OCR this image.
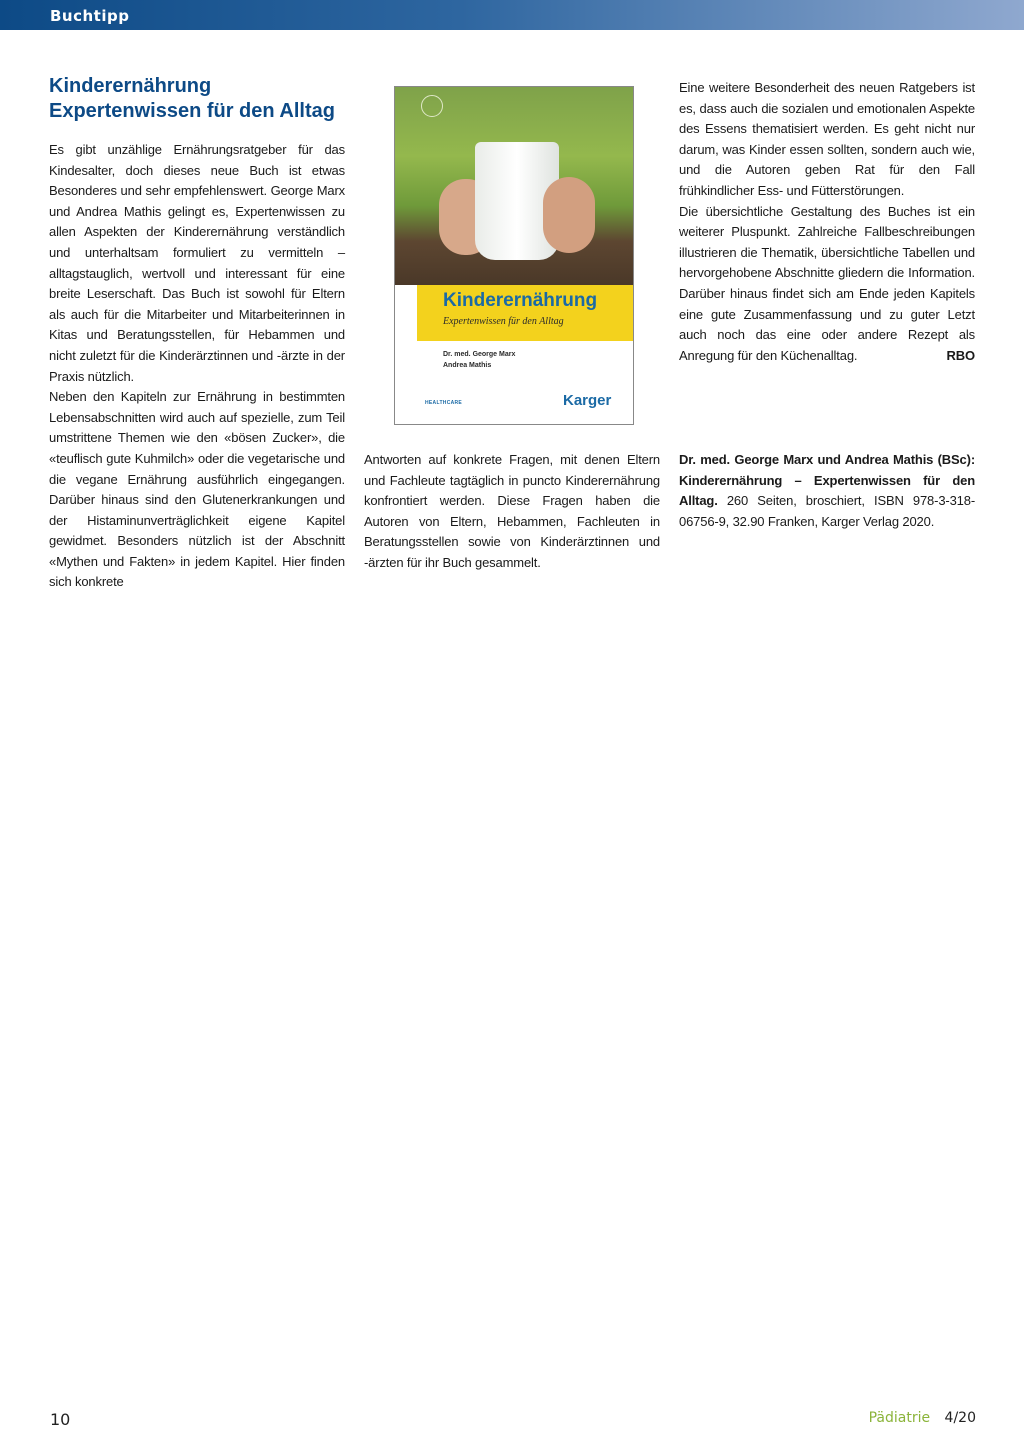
Buchtipp
Kinderernährung
Expertenwissen für den Alltag

Es gibt unzählige Ernährungsratgeber für das Kindesalter, doch dieses neue Buch ist etwas Besonderes und sehr empfehlenswert. George Marx und Andrea Mathis gelingt es, Expertenwissen zu allen Aspekten der Kinderernährung verständlich und unterhaltsam formuliert zu vermitteln – alltagstauglich, wertvoll und interessant für eine breite Leserschaft. Das Buch ist sowohl für Eltern als auch für die Mitarbeiter und Mitarbeiterinnen in Kitas und Beratungsstellen, für Hebammen und nicht zuletzt für die Kinderärztinnen und -ärzte in der Praxis nützlich.

Neben den Kapiteln zur Ernährung in bestimmten Lebensabschnitten wird auch auf spezielle, zum Teil umstrittene Themen wie den «bösen Zucker», die «teuflisch gute Kuhmilch» oder die vegetarische und die vegane Ernährung ausführlich eingegangen. Darüber hinaus sind den Glutenerkrankungen und der Histaminunverträglichkeit eigene Kapitel gewidmet. Besonders nützlich ist der Abschnitt «Mythen und Fakten» in jedem Kapitel. Hier finden sich konkrete

Kinderernährung
Expertenwissen für den Alltag
Dr. med. George Marx
Andrea Mathis
HEALTHCARE	Karger

Antworten auf konkrete Fragen, mit denen Eltern und Fachleute tagtäglich in puncto Kinderernährung konfrontiert werden. Diese Fragen haben die Autoren von Eltern, Hebammen, Fachleuten in Beratungsstellen sowie von Kinderärztinnen und -ärzten für ihr Buch gesammelt.

Eine weitere Besonderheit des neuen Ratgebers ist es, dass auch die sozialen und emotionalen Aspekte des Essens thematisiert werden. Es geht nicht nur darum, was Kinder essen sollten, sondern auch wie, und die Autoren geben Rat für den Fall frühkindlicher Ess- und Fütterstörungen.

Die übersichtliche Gestaltung des Buches ist ein weiterer Pluspunkt. Zahlreiche Fallbeschreibungen illustrieren die Thematik, übersichtliche Tabellen und hervorgehobene Abschnitte gliedern die Information. Darüber hinaus findet sich am Ende jeden Kapitels eine gute Zusammenfassung und zu guter Letzt auch noch das eine oder andere Rezept als Anregung für den Küchenalltag.	RBO

Dr. med. George Marx und Andrea Mathis (BSc): Kinderernährung – Expertenwissen für den Alltag. 260 Seiten, broschiert, ISBN 978-3-318-06756-9, 32.90 Franken, Karger Verlag 2020.

10	Pädiatrie 4/20
